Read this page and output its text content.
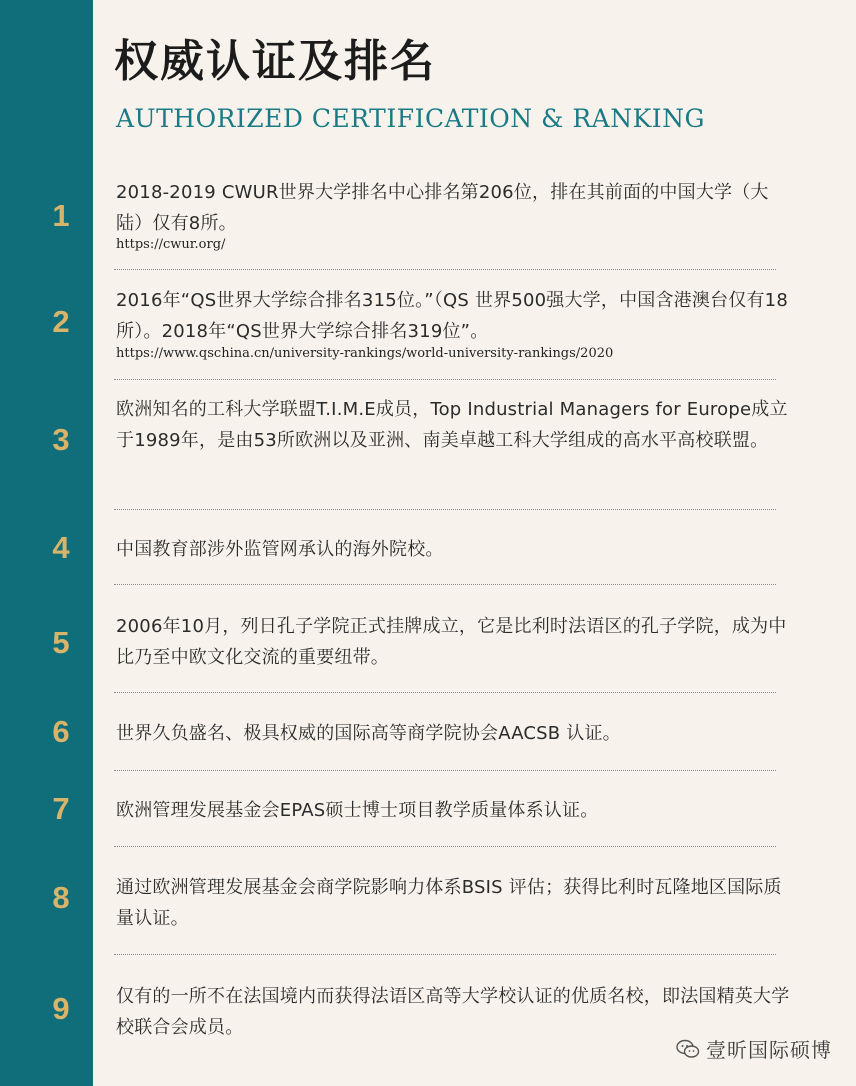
权威认证及排名
AUTHORIZED CERTIFICATION & RANKING
1
2018-2019 CWUR世界大学排名中心排名第206位，排在其前面的中国大学（大陆）仅有8所。
https://cwur.org/
2
2016年“QS世界大学综合排名315位。”（QS 世界500强大学，中国含港澳台仅有18所）。2018年“QS世界大学综合排名319位”。
https://www.qschina.cn/university-rankings/world-university-rankings/2020
3
欧洲知名的工科大学联盟T.I.M.E成员，Top Industrial Managers for Europe成立于1989年，是由53所欧洲以及亚洲、南美卓越工科大学组成的高水平高校联盟。
4	中国教育部涉外监管网承认的海外院校。
5	2006年10月，列日孔子学院正式挂牌成立，它是比利时法语区的孔子学院，成为中比乃至中欧文化交流的重要纽带。
6	世界久负盛名、极具权威的国际高等商学院协会AACSB 认证。
7	欧洲管理发展基金会EPAS硕士博士项目教学质量体系认证。
8	通过欧洲管理发展基金会商学院影响力体系BSIS 评估；获得比利时瓦隆地区国际质量认证。
9	仅有的一所不在法国境内而获得法语区高等大学校认证的优质名校，即法国精英大学校联合会成员。
壹昕国际硕博
